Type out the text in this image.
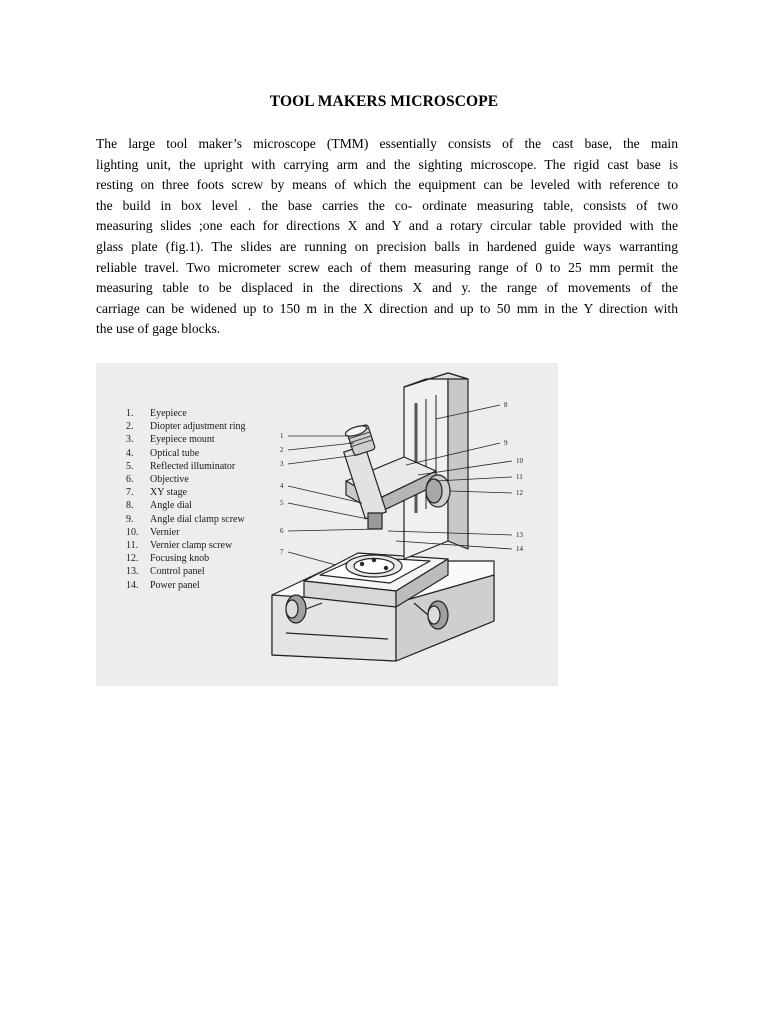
TOOL MAKERS MICROSCOPE

The large tool maker’s microscope (TMM) essentially consists of the cast base, the main
lighting unit, the upright with carrying arm and the sighting microscope. The rigid cast base is
resting on three foots screw by means of which the equipment can be leveled with reference to
the build in box level . the base carries the co- ordinate measuring table, consists of two
measuring slides ;one each for directions X and Y and a rotary circular table provided with the
glass plate (fig.1). The slides are running on precision balls in hardened guide ways warranting
reliable travel. Two micrometer screw each of them measuring range of 0 to 25 mm permit the
measuring table to be displaced in the directions X and y. the range of movements of the
carriage can be widened up to 150 m in the X direction and up to 50 mm in the Y direction with
the use of gage blocks.

1. Eyepiece
2. Diopter adjustment ring
3. Eyepiece mount
4. Optical tube
5. Reflected illuminator
6. Objective
7. XY stage
8. Angle dial
9. Angle dial clamp screw
10. Vernier
11. Vernier clamp screw
12. Focusing knob
13. Control panel
14. Power panel
1
2
3
4
5
6
7
8
9
10
11
12
13
14
